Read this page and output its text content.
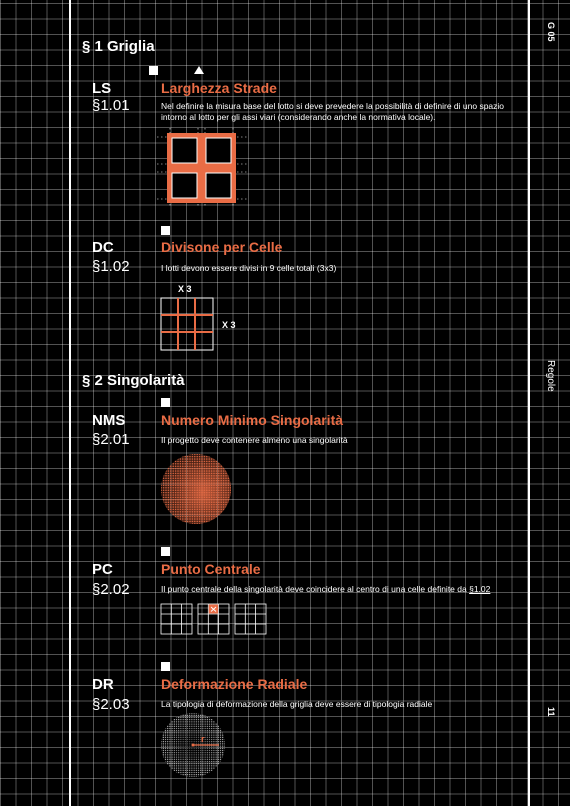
G 05
Regole
11
§ 1 Griglia
LS
§1.01
Larghezza Strade
Nel definire la misura base del lotto si deve prevedere la possibilità di definire di uno spazio intorno al lotto per gli assi viari (considerando anche la normativa locale).
DC
§1.02
Divisone per Celle
I lotti devono essere divisi in 9 celle totali (3x3)
X 3
X 3
§ 2 Singolarità
NMS
§2.01
Numero Minimo Singolarità
Il progetto deve contenere almeno una singolarità
PC
§2.02
Punto Centrale
Il punto centrale della singolarità deve coincidere al centro di una celle definite da §1.02
DR
§2.03
Deformazione Radiale
La tipologia di deformazione della griglia deve essere di tipologia radiale
r
